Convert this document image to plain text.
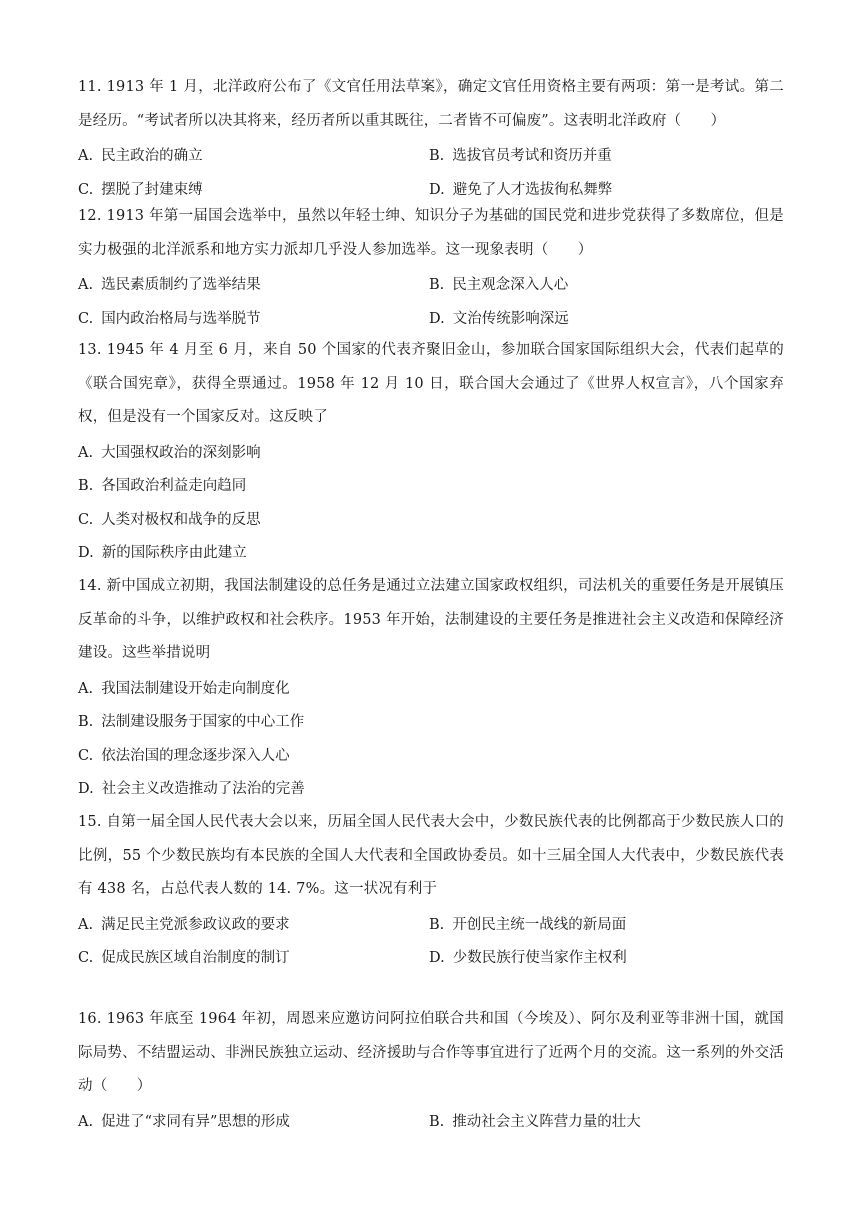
11. 1913 年 1 月，北洋政府公布了《文官任用法草案》，确定文官任用资格主要有两项：第一是考试。第二是经历。“考试者所以决其将来，经历者所以重其既往，二者皆不可偏废”。这表明北洋政府（　　）

A. 民主政治的确立	B. 选拔官员考试和资历并重
C. 摆脱了封建束缚	D. 避免了人才选拔徇私舞弊

12. 1913 年第一届国会选举中，虽然以年轻士绅、知识分子为基础的国民党和进步党获得了多数席位，但是实力极强的北洋派系和地方实力派却几乎没人参加选举。这一现象表明（　　）

A. 选民素质制约了选举结果	B. 民主观念深入人心
C. 国内政治格局与选举脱节	D. 文治传统影响深远

13. 1945 年 4 月至 6 月，来自 50 个国家的代表齐聚旧金山，参加联合国家国际组织大会，代表们起草的《联合国宪章》，获得全票通过。1958 年 12 月 10 日，联合国大会通过了《世界人权宣言》，八个国家弃权，但是没有一个国家反对。这反映了

A. 大国强权政治的深刻影响
B. 各国政治利益走向趋同
C. 人类对极权和战争的反思
D. 新的国际秩序由此建立

14. 新中国成立初期，我国法制建设的总任务是通过立法建立国家政权组织，司法机关的重要任务是开展镇压反革命的斗争，以维护政权和社会秩序。1953 年开始，法制建设的主要任务是推进社会主义改造和保障经济建设。这些举措说明

A. 我国法制建设开始走向制度化
B. 法制建设服务于国家的中心工作
C. 依法治国的理念逐步深入人心
D. 社会主义改造推动了法治的完善

15. 自第一届全国人民代表大会以来，历届全国人民代表大会中，少数民族代表的比例都高于少数民族人口的比例，55 个少数民族均有本民族的全国人大代表和全国政协委员。如十三届全国人大代表中，少数民族代表有 438 名，占总代表人数的 14. 7%。这一状况有利于

A. 满足民主党派参政议政的要求	B. 开创民主统一战线的新局面
C. 促成民族区域自治制度的制订	D. 少数民族行使当家作主权利

16. 1963 年底至 1964 年初，周恩来应邀访问阿拉伯联合共和国（今埃及）、阿尔及利亚等非洲十国，就国际局势、不结盟运动、非洲民族独立运动、经济援助与合作等事宜进行了近两个月的交流。这一系列的外交活动（　　）

A. 促进了“求同有异”思想的形成	B. 推动社会主义阵营力量的壮大
